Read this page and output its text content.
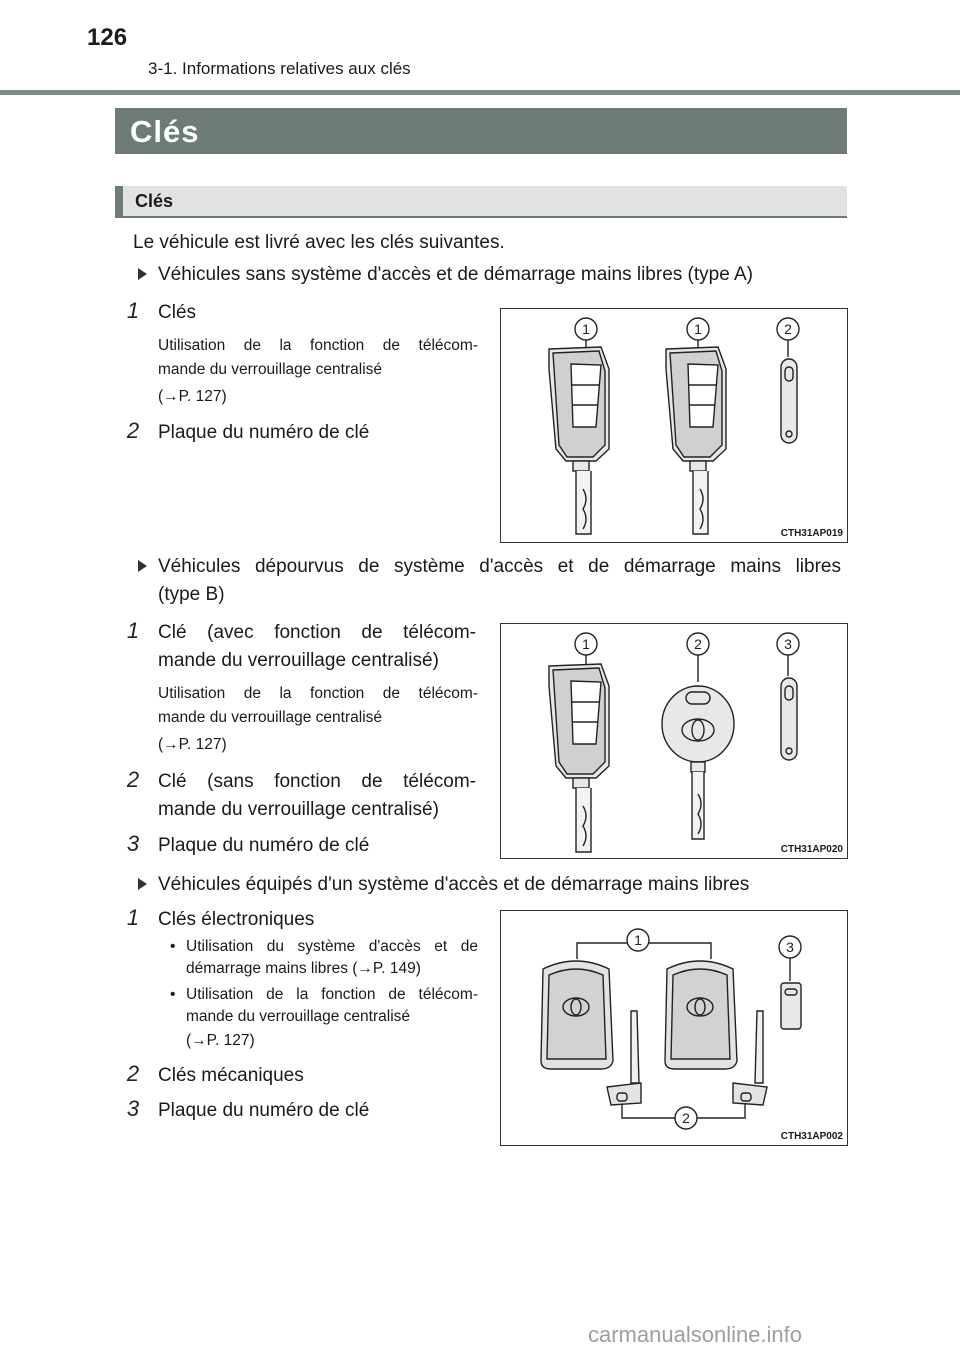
126
3-1. Informations relatives aux clés
Clés
Clés
Le véhicule est livré avec les clés suivantes.
Véhicules sans système d'accès et de démarrage mains libres (type A)
1 Clés
Utilisation de la fonction de télécom-
mande du verrouillage centralisé
(→P. 127)
2 Plaque du numéro de clé
1	1	2
CTH31AP019
Véhicules dépourvus de système d'accès et de démarrage mains libres
(type B)
1 Clé (avec fonction de télécom-
mande du verrouillage centralisé)
Utilisation de la fonction de télécom-
mande du verrouillage centralisé
(→P. 127)
2 Clé (sans fonction de télécom-
mande du verrouillage centralisé)
3 Plaque du numéro de clé
1	2	3
CTH31AP020
Véhicules équipés d'un système d'accès et de démarrage mains libres
1 Clés électroniques
• Utilisation du système d'accès et de
démarrage mains libres (→P. 149)
• Utilisation de la fonction de télécom-
mande du verrouillage centralisé
(→P. 127)
2 Clés mécaniques
3 Plaque du numéro de clé
1	3
2
CTH31AP002
carmanualsonline.info
